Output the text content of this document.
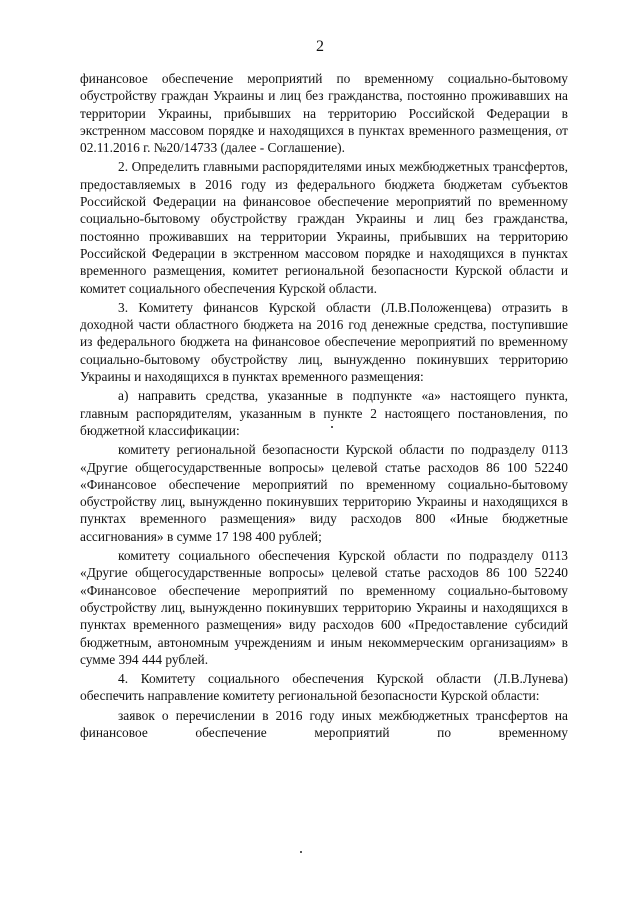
2

финансовое обеспечение мероприятий по временному социально-бытовому обустройству граждан Украины и лиц без гражданства, постоянно проживавших на территории Украины, прибывших на территорию Российской Федерации в экстренном массовом порядке и находящихся в пунктах временного размещения, от 02.11.2016 г. №20/14733 (далее - Соглашение).

2. Определить главными распорядителями иных межбюджетных трансфертов, предоставляемых в 2016 году из федерального бюджета бюджетам субъектов Российской Федерации на финансовое обеспечение мероприятий по временному социально-бытовому обустройству граждан Украины и лиц без гражданства, постоянно проживавших на территории Украины, прибывших на территорию Российской Федерации в экстренном массовом порядке и находящихся в пунктах временного размещения, комитет региональной безопасности Курской области и комитет социального обеспечения Курской области.

3. Комитету финансов Курской области (Л.В.Положенцева) отразить в доходной части областного бюджета на 2016 год денежные средства, поступившие из федерального бюджета на финансовое обеспечение мероприятий по временному социально-бытовому обустройству лиц, вынужденно покинувших территорию Украины и находящихся в пунктах временного размещения:

а) направить средства, указанные в подпункте «а» настоящего пункта, главным распорядителям, указанным в пункте 2 настоящего постановления, по бюджетной классификации:

комитету региональной безопасности Курской области по подразделу 0113 «Другие общегосударственные вопросы» целевой статье расходов 86 100 52240 «Финансовое обеспечение мероприятий по временному социально-бытовому обустройству лиц, вынужденно покинувших территорию Украины и находящихся в пунктах временного размещения» виду расходов 800 «Иные бюджетные ассигнования» в сумме 17 198 400 рублей;

комитету социального обеспечения Курской области по подразделу 0113 «Другие общегосударственные вопросы» целевой статье расходов 86 100 52240 «Финансовое обеспечение мероприятий по временному социально-бытовому обустройству лиц, вынужденно покинувших территорию Украины и находящихся в пунктах временного размещения» виду расходов 600 «Предоставление субсидий бюджетным, автономным учреждениям и иным некоммерческим организациям» в сумме 394 444 рублей.

4. Комитету социального обеспечения Курской области (Л.В.Лунева) обеспечить направление комитету региональной безопасности Курской области:

заявок о перечислении в 2016 году иных межбюджетных трансфертов на финансовое обеспечение мероприятий по временному
